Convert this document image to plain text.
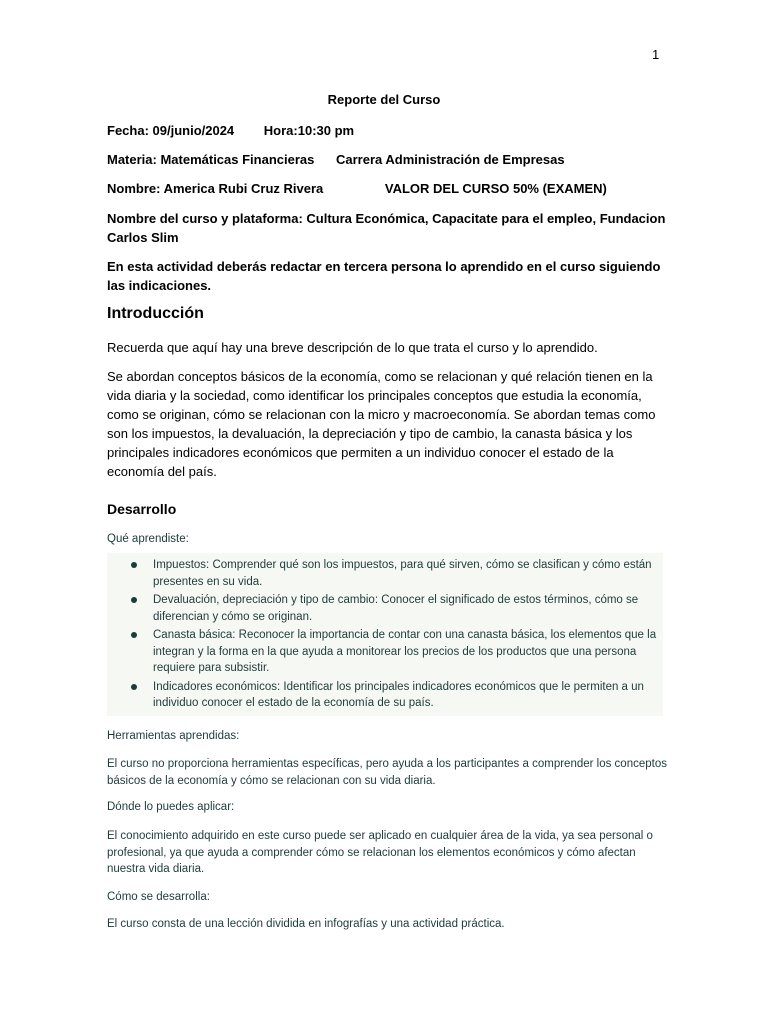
1
Reporte del Curso
Fecha: 09/junio/2024 Hora:10:30 pm
Materia: Matemáticas Financieras Carrera Administración de Empresas
Nombre: America Rubi Cruz Rivera	VALOR DEL CURSO 50% (EXAMEN)
Nombre del curso y plataforma: Cultura Económica, Capacitate para el empleo, Fundacion Carlos Slim
En esta actividad deberás redactar en tercera persona lo aprendido en el curso siguiendo las indicaciones.
Introducción
Recuerda que aquí hay una breve descripción de lo que trata el curso y lo aprendido.
Se abordan conceptos básicos de la economía, como se relacionan y qué relación tienen en la vida diaria y la sociedad, como identificar los principales conceptos que estudia la economía, como se originan, cómo se relacionan con la micro y macroeconomía. Se abordan temas como son los impuestos, la devaluación, la depreciación y tipo de cambio, la canasta básica y los principales indicadores económicos que permiten a un individuo conocer el estado de la economía del país.
Desarrollo
Qué aprendiste:
Impuestos: Comprender qué son los impuestos, para qué sirven, cómo se clasifican y cómo están presentes en su vida.
Devaluación, depreciación y tipo de cambio: Conocer el significado de estos términos, cómo se diferencian y cómo se originan.
Canasta básica: Reconocer la importancia de contar con una canasta básica, los elementos que la integran y la forma en la que ayuda a monitorear los precios de los productos que una persona requiere para subsistir.
Indicadores económicos: Identificar los principales indicadores económicos que le permiten a un individuo conocer el estado de la economía de su país.
Herramientas aprendidas:
El curso no proporciona herramientas específicas, pero ayuda a los participantes a comprender los conceptos básicos de la economía y cómo se relacionan con su vida diaria.
Dónde lo puedes aplicar:
El conocimiento adquirido en este curso puede ser aplicado en cualquier área de la vida, ya sea personal o profesional, ya que ayuda a comprender cómo se relacionan los elementos económicos y cómo afectan nuestra vida diaria.
Cómo se desarrolla:
El curso consta de una lección dividida en infografías y una actividad práctica.
